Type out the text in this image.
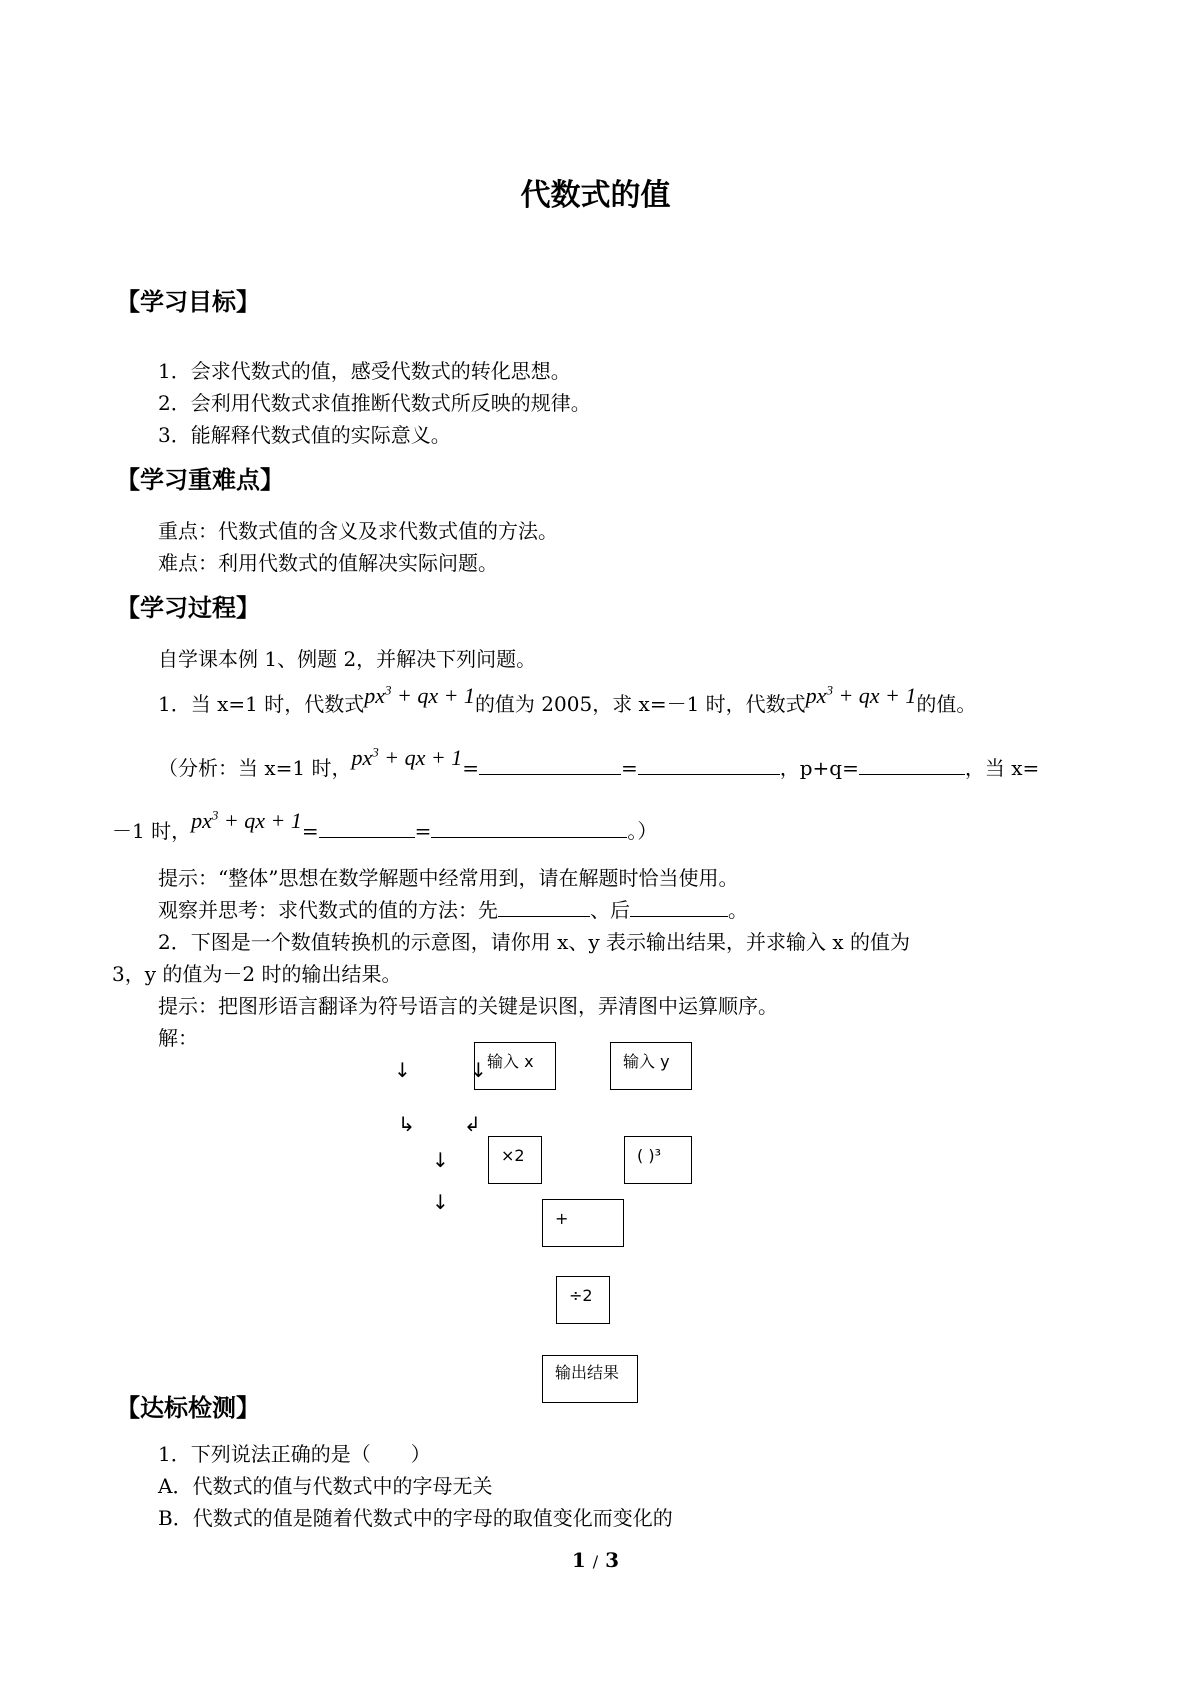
代数式的值
【学习目标】
1．会求代数式的值，感受代数式的转化思想。
2．会利用代数式求值推断代数式所反映的规律。
3．能解释代数式值的实际意义。
【学习重难点】
重点：代数式值的含义及求代数式值的方法。
难点：利用代数式的值解决实际问题。
【学习过程】
自学课本例 1、例题 2，并解决下列问题。
1．当 x=1 时，代数式$px^3$ + qx + 1的值为 2005，求 x=－1 时，代数式$px^3$ + qx + 1的值。
（分析：当 x=1 时，$px^3$ + qx + 1=	=	，p+q=	，当 x=
－1 时，$px^3$ + qx + 1=	=	。）
提示：“整体”思想在数学解题中经常用到，请在解题时恰当使用。
观察并思考：求代数式的值的方法：先	、后	。
2．下图是一个数值转换机的示意图，请你用 x、y 表示输出结果，并求输入 x 的值为
3，y 的值为－2 时的输出结果。
提示：把图形语言翻译为符号语言的关键是识图，弄清图中运算顺序。
解：
输入 x	输入 y
×2	( )³
+
÷2
输出结果
↓	↓
↳ ↲
↓
↓
【达标检测】
1．下列说法正确的是（　　）
A．代数式的值与代数式中的字母无关
B．代数式的值是随着代数式中的字母的取值变化而变化的
1 / 3
